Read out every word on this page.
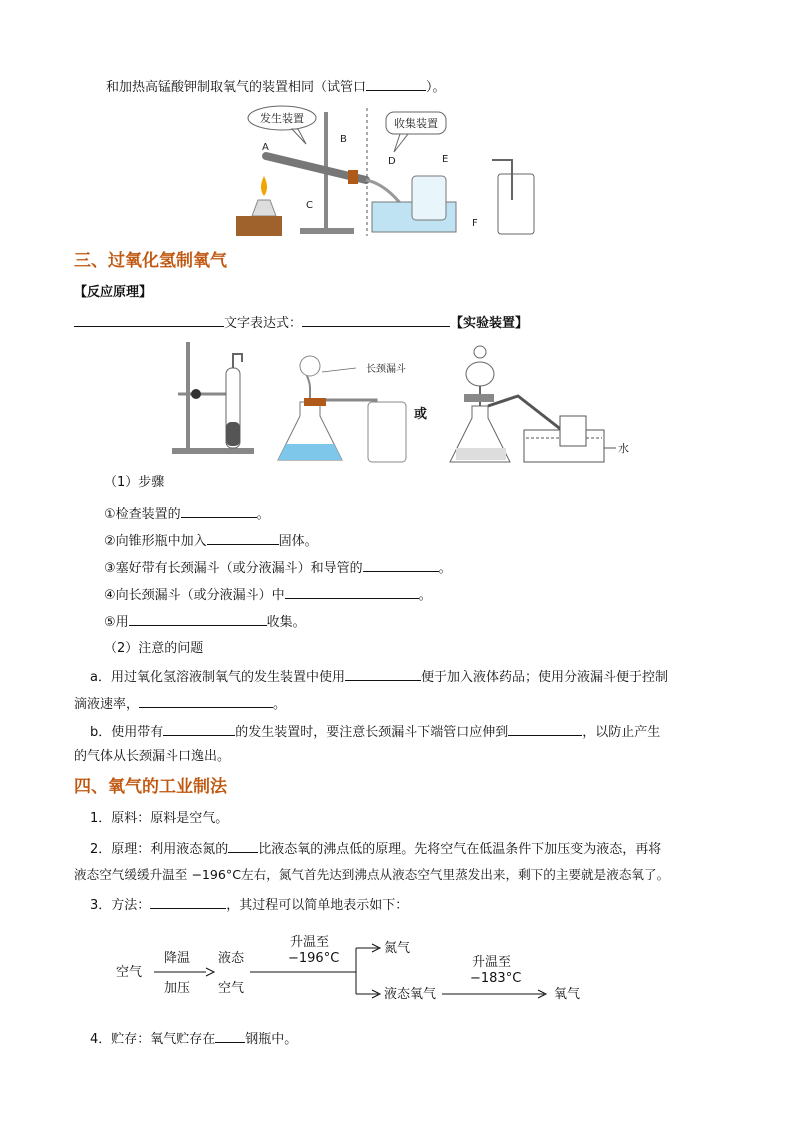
和加热高锰酸钾制取氧气的装置相同（试管口	）。
发生装置
A
B
C
收集装置
D	E
F
三、过氧化氢制氧气
【反应原理】
文字表达式：	【实验装置】
长颈漏斗
或
水
（1）步骤
①检查装置的	。
②向锥形瓶中加入	固体。
③塞好带有长颈漏斗（或分液漏斗）和导管的	。
④向长颈漏斗（或分液漏斗）中	。
⑤用	收集。
（2）注意的问题
a．用过氧化氢溶液制氧气的发生装置中使用	便于加入液体药品；使用分液漏斗便于控制
滴液速率，	。
b．使用带有	的发生装置时，要注意长颈漏斗下端管口应伸到	，以防止产生
的气体从长颈漏斗口逸出。
四、氧气的工业制法
1．原料：原料是空气。
2．原理：利用液态氮的 比液态氧的沸点低的原理。先将空气在低温条件下加压变为液态，再将
液态空气缓缓升温至 −196°C左右，氮气首先达到沸点从液态空气里蒸发出来，剩下的主要就是液态氧了。
3．方法：	，其过程可以简单地表示如下：
空气
降温
加压
液态
空气
升温至
−196°C
氮气
液态氧气
升温至
−183°C
氧气
4．贮存：氧气贮存在 钢瓶中。
